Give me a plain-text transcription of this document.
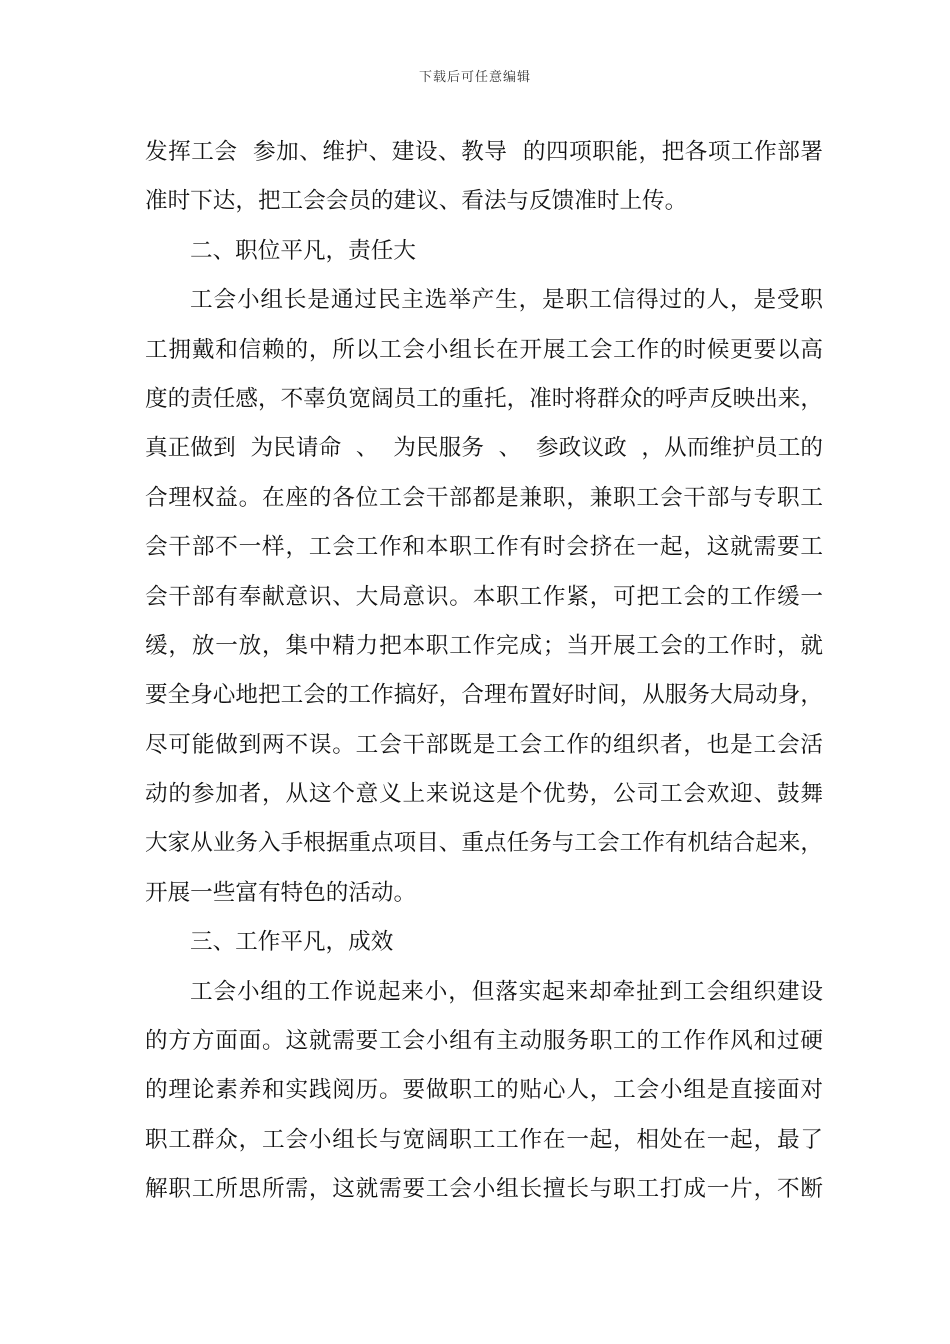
下载后可任意编辑
发挥工会  参加、维护、建设、教导  的四项职能，把各项工作部署
准时下达，把工会会员的建议、看法与反馈准时上传。
二、职位平凡，责任大
工会小组长是通过民主选举产生，是职工信得过的人，是受职
工拥戴和信赖的，所以工会小组长在开展工会工作的时候更要以高
度的责任感，不辜负宽阔员工的重托，准时将群众的呼声反映出来，
真正做到  为民请命  、  为民服务  、  参政议政  ，从而维护员工的
合理权益。在座的各位工会干部都是兼职，兼职工会干部与专职工
会干部不一样，工会工作和本职工作有时会挤在一起，这就需要工
会干部有奉献意识、大局意识。本职工作紧，可把工会的工作缓一
缓，放一放，集中精力把本职工作完成；当开展工会的工作时，就
要全身心地把工会的工作搞好，合理布置好时间，从服务大局动身，
尽可能做到两不误。工会干部既是工会工作的组织者，也是工会活
动的参加者，从这个意义上来说这是个优势，公司工会欢迎、鼓舞
大家从业务入手根据重点项目、重点任务与工会工作有机结合起来，
开展一些富有特色的活动。
三、工作平凡，成效
工会小组的工作说起来小，但落实起来却牵扯到工会组织建设
的方方面面。这就需要工会小组有主动服务职工的工作作风和过硬
的理论素养和实践阅历。要做职工的贴心人，工会小组是直接面对
职工群众，工会小组长与宽阔职工工作在一起，相处在一起，最了
解职工所思所需，这就需要工会小组长擅长与职工打成一片，不断
